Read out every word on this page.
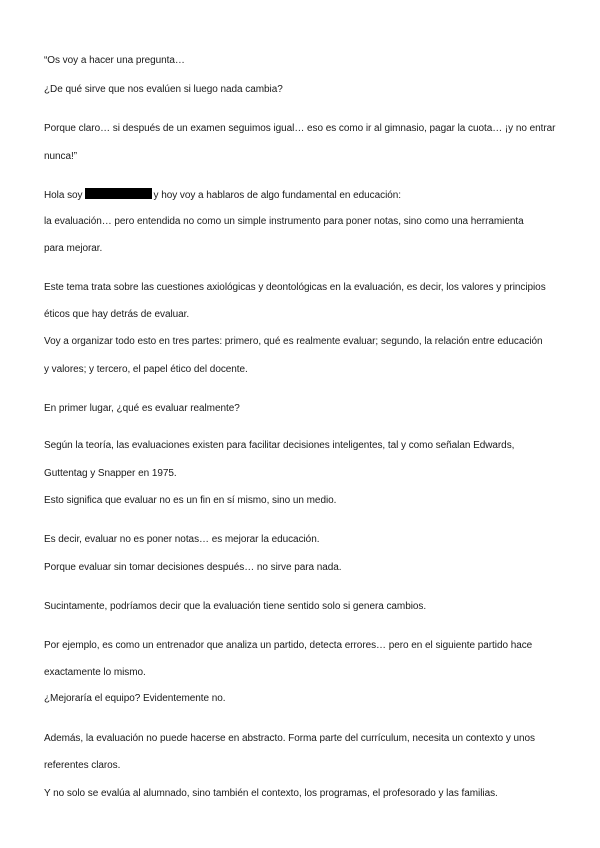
“Os voy a hacer una pregunta…
¿De qué sirve que nos evalúen si luego nada cambia?
Porque claro… si después de un examen seguimos igual… eso es como ir al gimnasio, pagar la cuota… ¡y no entrar
nunca!”
Hola soy	y hoy voy a hablaros de algo fundamental en educación:
la evaluación… pero entendida no como un simple instrumento para poner notas, sino como una herramienta
para mejorar.
Este tema trata sobre las cuestiones axiológicas y deontológicas en la evaluación, es decir, los valores y principios
éticos que hay detrás de evaluar.
Voy a organizar todo esto en tres partes: primero, qué es realmente evaluar; segundo, la relación entre educación
y valores; y tercero, el papel ético del docente.
En primer lugar, ¿qué es evaluar realmente?
Según la teoría, las evaluaciones existen para facilitar decisiones inteligentes, tal y como señalan Edwards,
Guttentag y Snapper en 1975.
Esto significa que evaluar no es un fin en sí mismo, sino un medio.
Es decir, evaluar no es poner notas… es mejorar la educación.
Porque evaluar sin tomar decisiones después… no sirve para nada.
Sucintamente, podríamos decir que la evaluación tiene sentido solo si genera cambios.
Por ejemplo, es como un entrenador que analiza un partido, detecta errores… pero en el siguiente partido hace
exactamente lo mismo.
¿Mejoraría el equipo? Evidentemente no.
Además, la evaluación no puede hacerse en abstracto. Forma parte del currículum, necesita un contexto y unos
referentes claros.
Y no solo se evalúa al alumnado, sino también el contexto, los programas, el profesorado y las familias.
